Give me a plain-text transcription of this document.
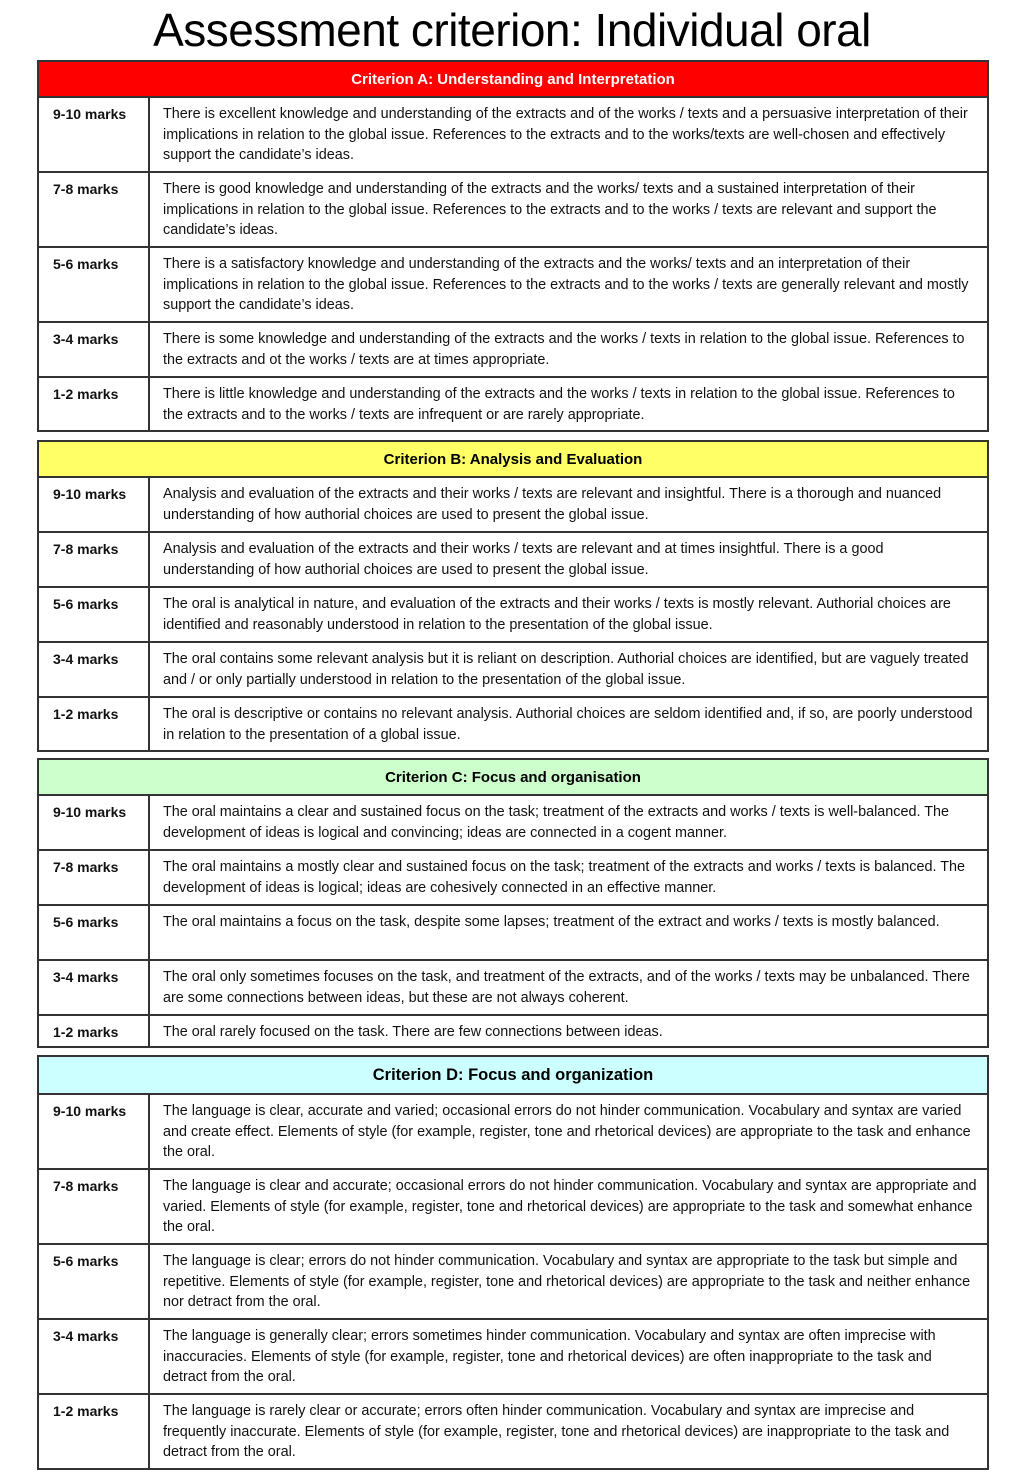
Assessment criterion: Individual oral
Criterion A: Understanding and Interpretation	
9-10 marks	There is excellent knowledge and understanding of the extracts and of the works / texts and a persuasive interpretation of their implications in relation to the global issue. References to the extracts and to the works/texts are well-chosen and effectively support the candidate’s ideas.
7-8 marks	There is good knowledge and understanding of the extracts and the works/ texts and a sustained interpretation of their implications in relation to the global issue. References to the extracts and to the works / texts are relevant and support the candidate’s ideas.
5-6 marks	There is a satisfactory knowledge and understanding of the extracts and the works/ texts and an interpretation of their implications in relation to the global issue. References to the extracts and to the works / texts are generally relevant and mostly support the candidate’s ideas.
3-4 marks	There is some knowledge and understanding of the extracts and the works / texts in relation to the global issue. References to the extracts and ot the works / texts are at times appropriate.
1-2 marks	There is little knowledge and understanding of the extracts and the works / texts in relation to the global issue. References to the extracts and to the works / texts are infrequent or are rarely appropriate.
Criterion B: Analysis and Evaluation	
9-10 marks	Analysis and evaluation of the extracts and their works / texts are relevant and insightful. There is a thorough and nuanced understanding of how authorial choices are used to present the global issue.
7-8 marks	Analysis and evaluation of the extracts and their works / texts are relevant and at times insightful. There is a good understanding of how authorial choices are used to present the global issue.
5-6 marks	The oral is analytical in nature, and evaluation of the extracts and their works / texts is mostly relevant. Authorial choices are identified and reasonably understood in relation to the presentation of the global issue.
3-4 marks	The oral contains some relevant analysis but it is reliant on description. Authorial choices are identified, but are vaguely treated and / or only partially understood in relation to the presentation of the global issue.
1-2 marks	The oral is descriptive or contains no relevant analysis. Authorial choices are seldom identified and, if so, are poorly understood in relation to the presentation of a global issue.
Criterion C: Focus and organisation	
9-10 marks	The oral maintains a clear and sustained focus on the task; treatment of the extracts and works / texts is well-balanced. The development of ideas is logical and convincing; ideas are connected in a cogent manner.
7-8 marks	The oral maintains a mostly clear and sustained focus on the task; treatment of the extracts and works / texts is balanced. The development of ideas is logical; ideas are cohesively connected in an effective manner.
5-6 marks	The oral maintains a focus on the task, despite some lapses; treatment of the extract and works / texts is mostly balanced.
3-4 marks	The oral only sometimes focuses on the task, and treatment of the extracts, and of the works / texts may be unbalanced. There are some connections between ideas, but these are not always coherent.
1-2 marks	The oral rarely focused on the task. There are few connections between ideas.
Criterion D: Focus and organization	
9-10 marks	The language is clear, accurate and varied; occasional errors do not hinder communication. Vocabulary and syntax are varied and create effect. Elements of style (for example, register, tone and rhetorical devices) are appropriate to the task and enhance the oral.
7-8 marks	The language is clear and accurate; occasional errors do not hinder communication. Vocabulary and syntax are appropriate and varied. Elements of style (for example, register, tone and rhetorical devices) are appropriate to the task and somewhat enhance the oral.
5-6 marks	The language is clear; errors do not hinder communication. Vocabulary and syntax are appropriate to the task but simple and repetitive. Elements of style (for example, register, tone and rhetorical devices) are appropriate to the task and neither enhance nor detract from the oral.
3-4 marks	The language is generally clear; errors sometimes hinder communication. Vocabulary and syntax are often imprecise with inaccuracies. Elements of style (for example, register, tone and rhetorical devices) are often inappropriate to the task and detract from the oral.
1-2 marks	The language is rarely clear or accurate; errors often hinder communication. Vocabulary and syntax are imprecise and frequently inaccurate. Elements of style (for example, register, tone and rhetorical devices) are inappropriate to the task and detract from the oral.
